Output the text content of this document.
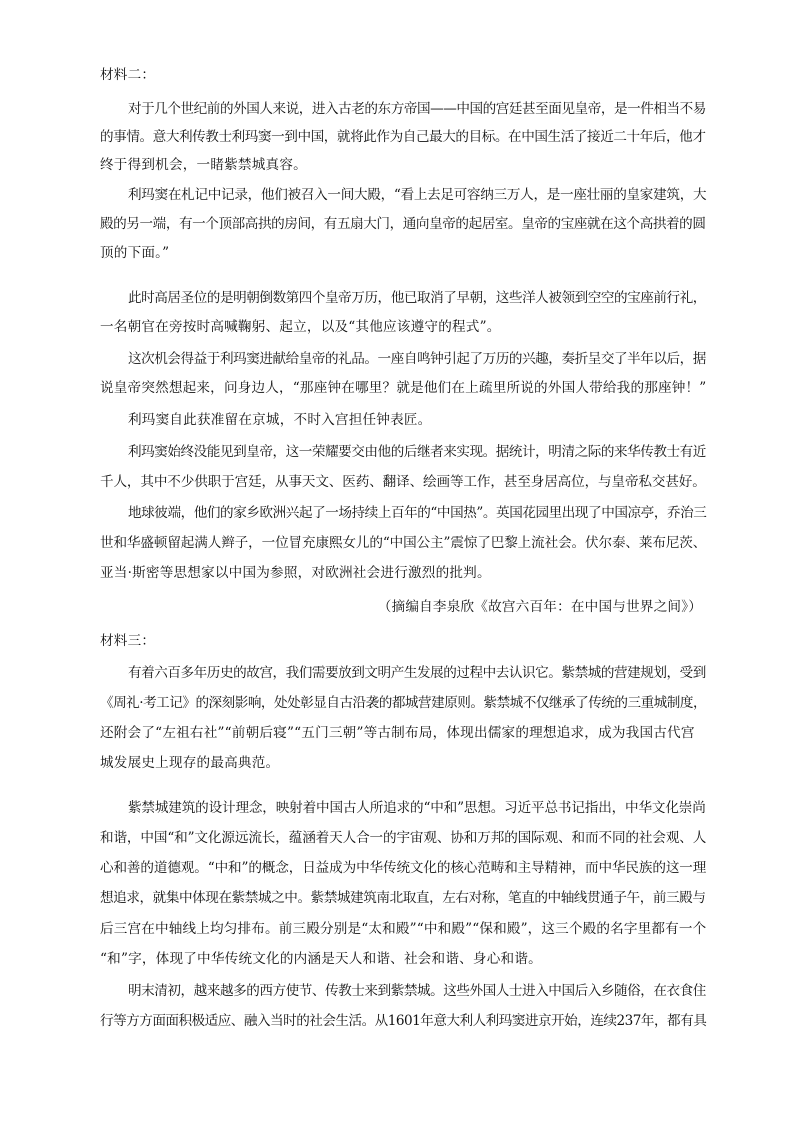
材料二：
对于几个世纪前的外国人来说，进入古老的东方帝国——中国的宫廷甚至面见皇帝，是一件相当不易
的事情。意大利传教士利玛窦一到中国，就将此作为自己最大的目标。在中国生活了接近二十年后，他才
终于得到机会，一睹紫禁城真容。
利玛窦在札记中记录，他们被召入一间大殿，“看上去足可容纳三万人，是一座壮丽的皇家建筑，大
殿的另一端，有一个顶部高拱的房间，有五扇大门，通向皇帝的起居室。皇帝的宝座就在这个高拱着的圆
顶的下面。”
此时高居圣位的是明朝倒数第四个皇帝万历，他已取消了早朝，这些洋人被领到空空的宝座前行礼，
一名朝官在旁按时高喊鞠躬、起立，以及“其他应该遵守的程式”。
这次机会得益于利玛窦进献给皇帝的礼品。一座自鸣钟引起了万历的兴趣，奏折呈交了半年以后，据
说皇帝突然想起来，问身边人，“那座钟在哪里？就是他们在上疏里所说的外国人带给我的那座钟！”
利玛窦自此获准留在京城，不时入宫担任钟表匠。
利玛窦始终没能见到皇帝，这一荣耀要交由他的后继者来实现。据统计，明清之际的来华传教士有近
千人，其中不少供职于宫廷，从事天文、医药、翻译、绘画等工作，甚至身居高位，与皇帝私交甚好。
地球彼端，他们的家乡欧洲兴起了一场持续上百年的“中国热”。英国花园里出现了中国凉亭，乔治三
世和华盛顿留起满人辫子，一位冒充康熙女儿的“中国公主”震惊了巴黎上流社会。伏尔泰、莱布尼茨、
亚当·斯密等思想家以中国为参照，对欧洲社会进行激烈的批判。
（摘编自李泉欣《故宫六百年：在中国与世界之间》）
材料三：
有着六百多年历史的故宫，我们需要放到文明产生发展的过程中去认识它。紫禁城的营建规划，受到
《周礼·考工记》的深刻影响，处处彰显自古沿袭的都城营建原则。紫禁城不仅继承了传统的三重城制度，
还附会了“左祖右社”“前朝后寝”“五门三朝”等古制布局，体现出儒家的理想追求，成为我国古代宫
城发展史上现存的最高典范。
紫禁城建筑的设计理念，映射着中国古人所追求的“中和”思想。习近平总书记指出，中华文化崇尚
和谐，中国“和”文化源远流长，蕴涵着天人合一的宇宙观、协和万邦的国际观、和而不同的社会观、人
心和善的道德观。“中和”的概念，日益成为中华传统文化的核心范畴和主导精神，而中华民族的这一理
想追求，就集中体现在紫禁城之中。紫禁城建筑南北取直，左右对称，笔直的中轴线贯通子午，前三殿与
后三宫在中轴线上均匀排布。前三殿分别是“太和殿”“中和殿”“保和殿”，这三个殿的名字里都有一个
“和”字，体现了中华传统文化的内涵是天人和谐、社会和谐、身心和谐。
明末清初，越来越多的西方使节、传教士来到紫禁城。这些外国人士进入中国后入乡随俗，在衣食住
行等方方面面积极适应、融入当时的社会生活。从1601年意大利人利玛窦进京开始，连续237年，都有具
